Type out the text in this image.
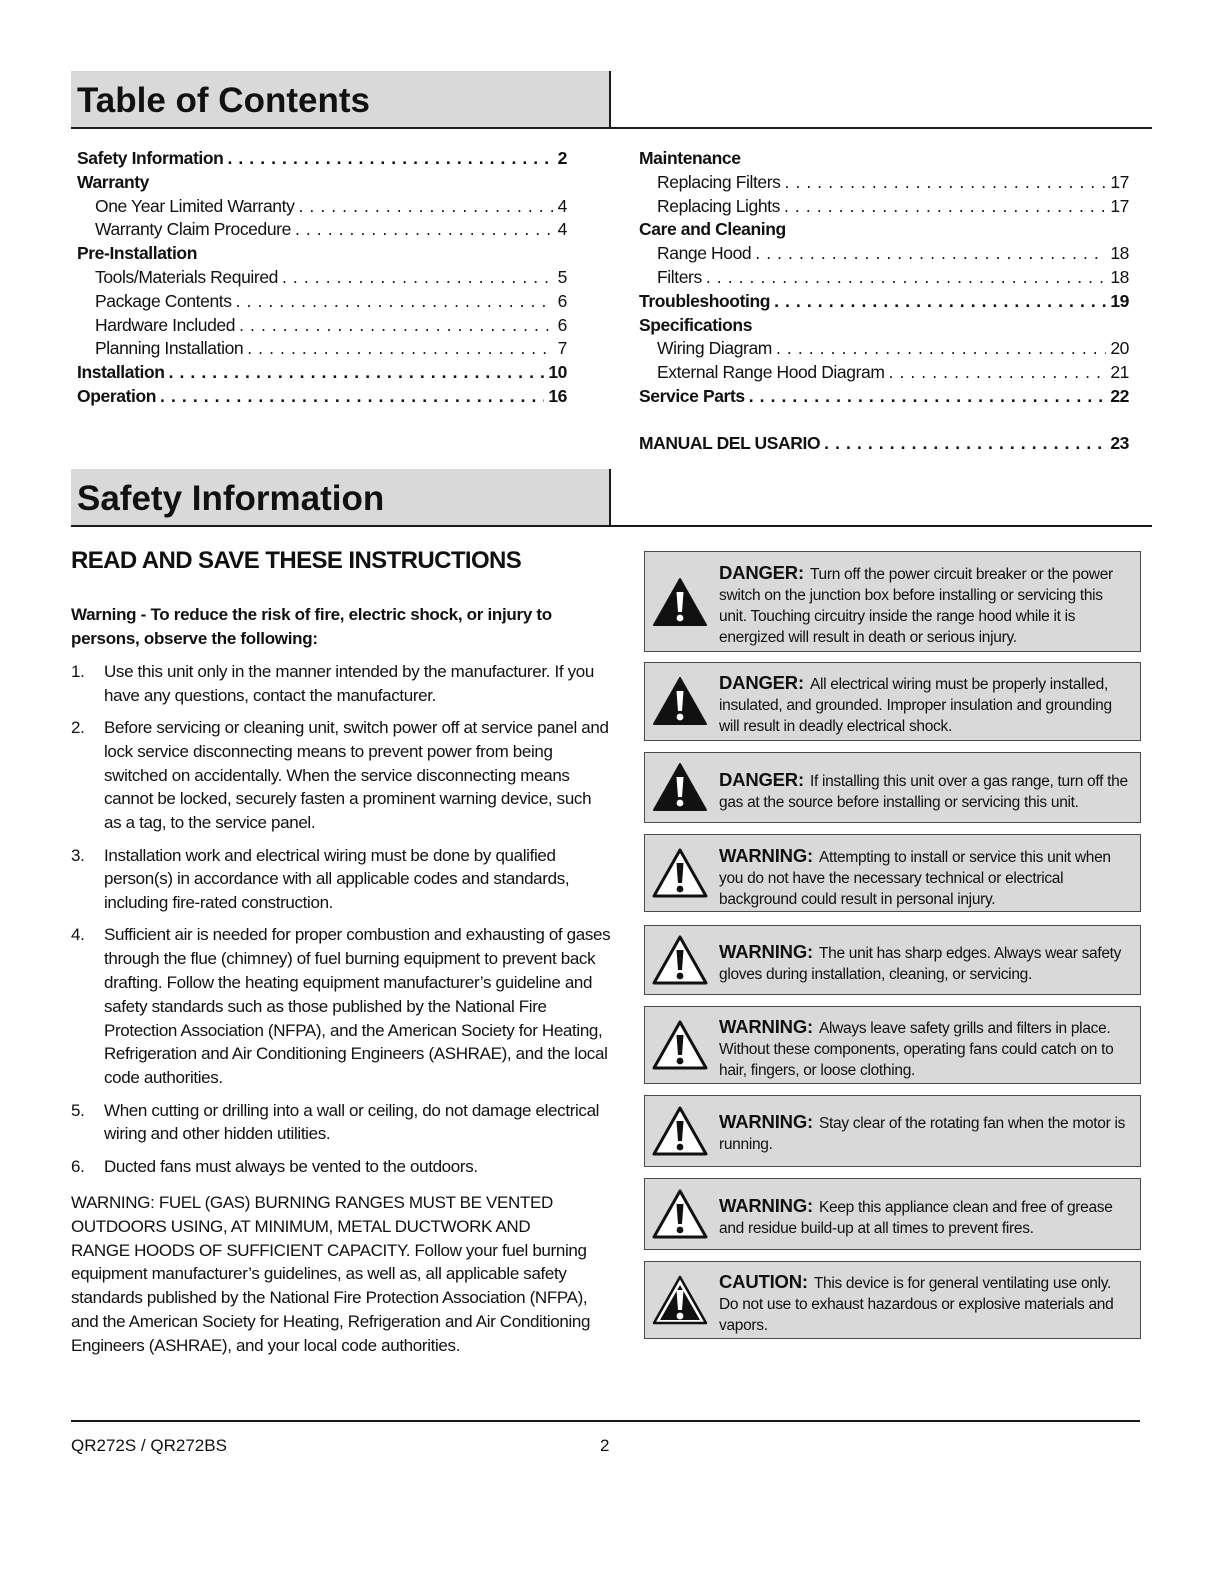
Table of Contents
Safety Information . . .	2
Warranty
One Year Limited Warranty . . .	4
Warranty Claim Procedure . . .	4
Pre-Installation
Tools/Materials Required . . .	5
Package Contents . . .	6
Hardware Included . . .	6
Planning Installation . . .	7
Installation . . .	10
Operation . . .	16
Maintenance
Replacing Filters . . .	17
Replacing Lights . . .	17
Care and Cleaning
Range Hood . . .	18
Filters . . .	18
Troubleshooting . . .	19
Specifications
Wiring Diagram . . .	20
External Range Hood Diagram . . .	21
Service Parts . . .	22
MANUAL DEL USARIO . . .	23
Safety Information
READ AND SAVE THESE INSTRUCTIONS
Warning - To reduce the risk of fire, electric shock, or injury to persons, observe the following:
1. Use this unit only in the manner intended by the manufacturer. If you have any questions, contact the manufacturer.
2. Before servicing or cleaning unit, switch power off at service panel and lock service disconnecting means to prevent power from being switched on accidentally. When the service disconnecting means cannot be locked, securely fasten a prominent warning device, such as a tag, to the service panel.
3. Installation work and electrical wiring must be done by qualified person(s) in accordance with all applicable codes and standards, including fire-rated construction.
4. Sufficient air is needed for proper combustion and exhausting of gases through the flue (chimney) of fuel burning equipment to prevent back drafting. Follow the heating equipment manufacturer’s guideline and safety standards such as those published by the National Fire Protection Association (NFPA), and the American Society for Heating, Refrigeration and Air Conditioning Engineers (ASHRAE), and the local code authorities.
5. When cutting or drilling into a wall or ceiling, do not damage electrical wiring and other hidden utilities.
6. Ducted fans must always be vented to the outdoors.
WARNING: FUEL (GAS) BURNING RANGES MUST BE VENTED OUTDOORS USING, AT MINIMUM, METAL DUCTWORK AND RANGE HOODS OF SUFFICIENT CAPACITY. Follow your fuel burning equipment manufacturer’s guidelines, as well as, all applicable safety standards published by the National Fire Protection Association (NFPA), and the American Society for Heating, Refrigeration and Air Conditioning Engineers (ASHRAE), and your local code authorities.
DANGER: Turn off the power circuit breaker or the power switch on the junction box before installing or servicing this unit. Touching circuitry inside the range hood while it is energized will result in death or serious injury.
DANGER: All electrical wiring must be properly installed, insulated, and grounded. Improper insulation and grounding will result in deadly electrical shock.
DANGER: If installing this unit over a gas range, turn off the gas at the source before installing or servicing this unit.
WARNING: Attempting to install or service this unit when you do not have the necessary technical or electrical background could result in personal injury.
WARNING: The unit has sharp edges. Always wear safety gloves during installation, cleaning, or servicing.
WARNING: Always leave safety grills and filters in place. Without these components, operating fans could catch on to hair, fingers, or loose clothing.
WARNING: Stay clear of the rotating fan when the motor is running.
WARNING: Keep this appliance clean and free of grease and residue build-up at all times to prevent fires.
CAUTION: This device is for general ventilating use only. Do not use to exhaust hazardous or explosive materials and vapors.
QR272S / QR272BS	2
